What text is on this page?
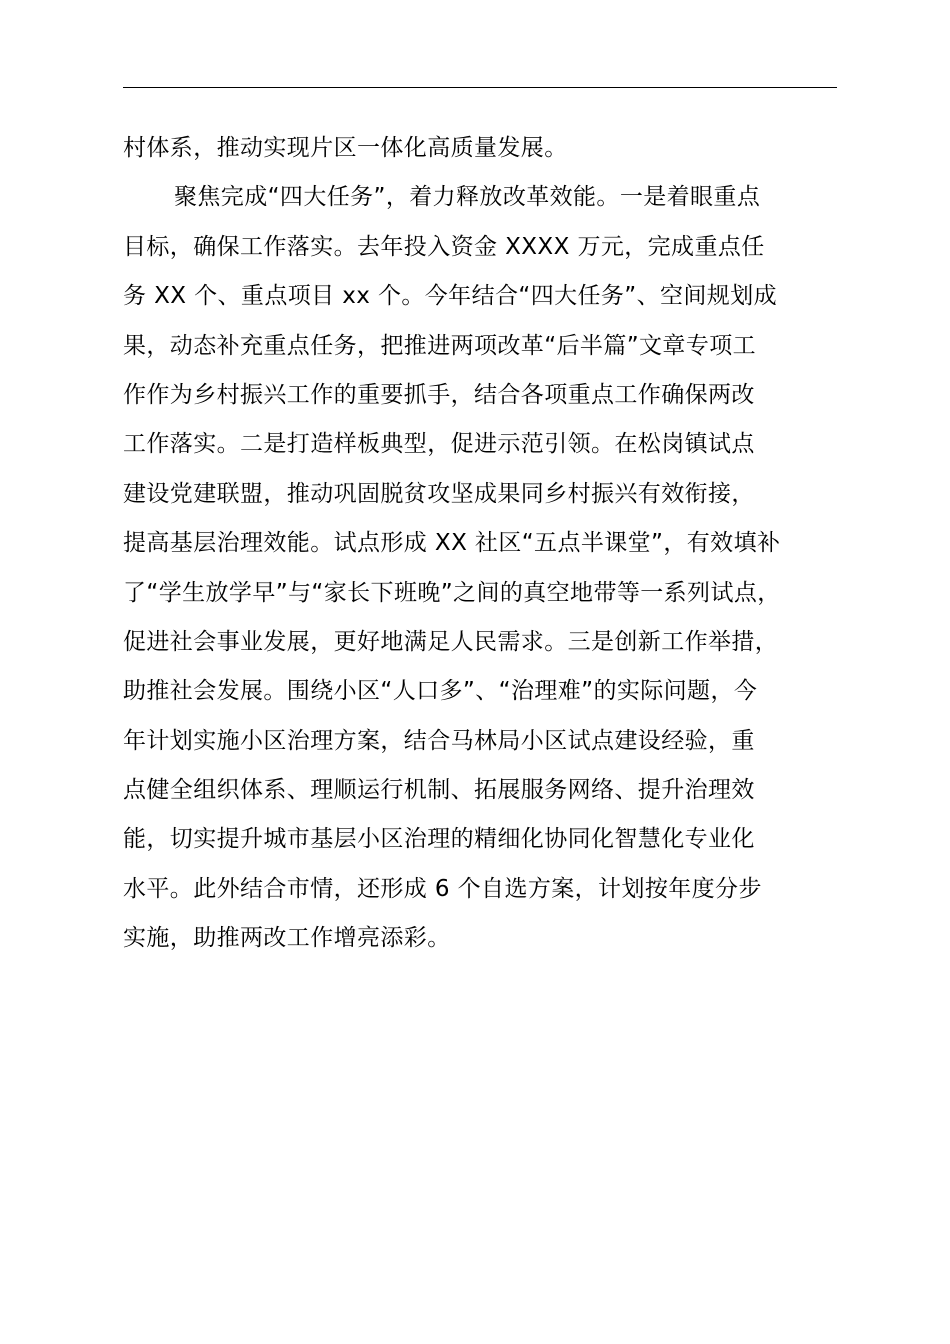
村体系，推动实现片区一体化高质量发展。
聚焦完成“四大任务”，着力释放改革效能。一是着眼重点
目标，确保工作落实。去年投入资金 XXXX 万元，完成重点任
务 XX 个、重点项目 xx 个。今年结合“四大任务”、空间规划成
果，动态补充重点任务，把推进两项改革“后半篇”文章专项工
作作为乡村振兴工作的重要抓手，结合各项重点工作确保两改
工作落实。二是打造样板典型，促进示范引领。在松岗镇试点
建设党建联盟，推动巩固脱贫攻坚成果同乡村振兴有效衔接，
提高基层治理效能。试点形成 XX 社区“五点半课堂”，有效填补
了“学生放学早”与“家长下班晚”之间的真空地带等一系列试点，
促进社会事业发展，更好地满足人民需求。三是创新工作举措，
助推社会发展。围绕小区“人口多”、“治理难”的实际问题，今
年计划实施小区治理方案，结合马林局小区试点建设经验，重
点健全组织体系、理顺运行机制、拓展服务网络、提升治理效
能，切实提升城市基层小区治理的精细化协同化智慧化专业化
水平。此外结合市情，还形成 6 个自选方案，计划按年度分步
实施，助推两改工作增亮添彩。
